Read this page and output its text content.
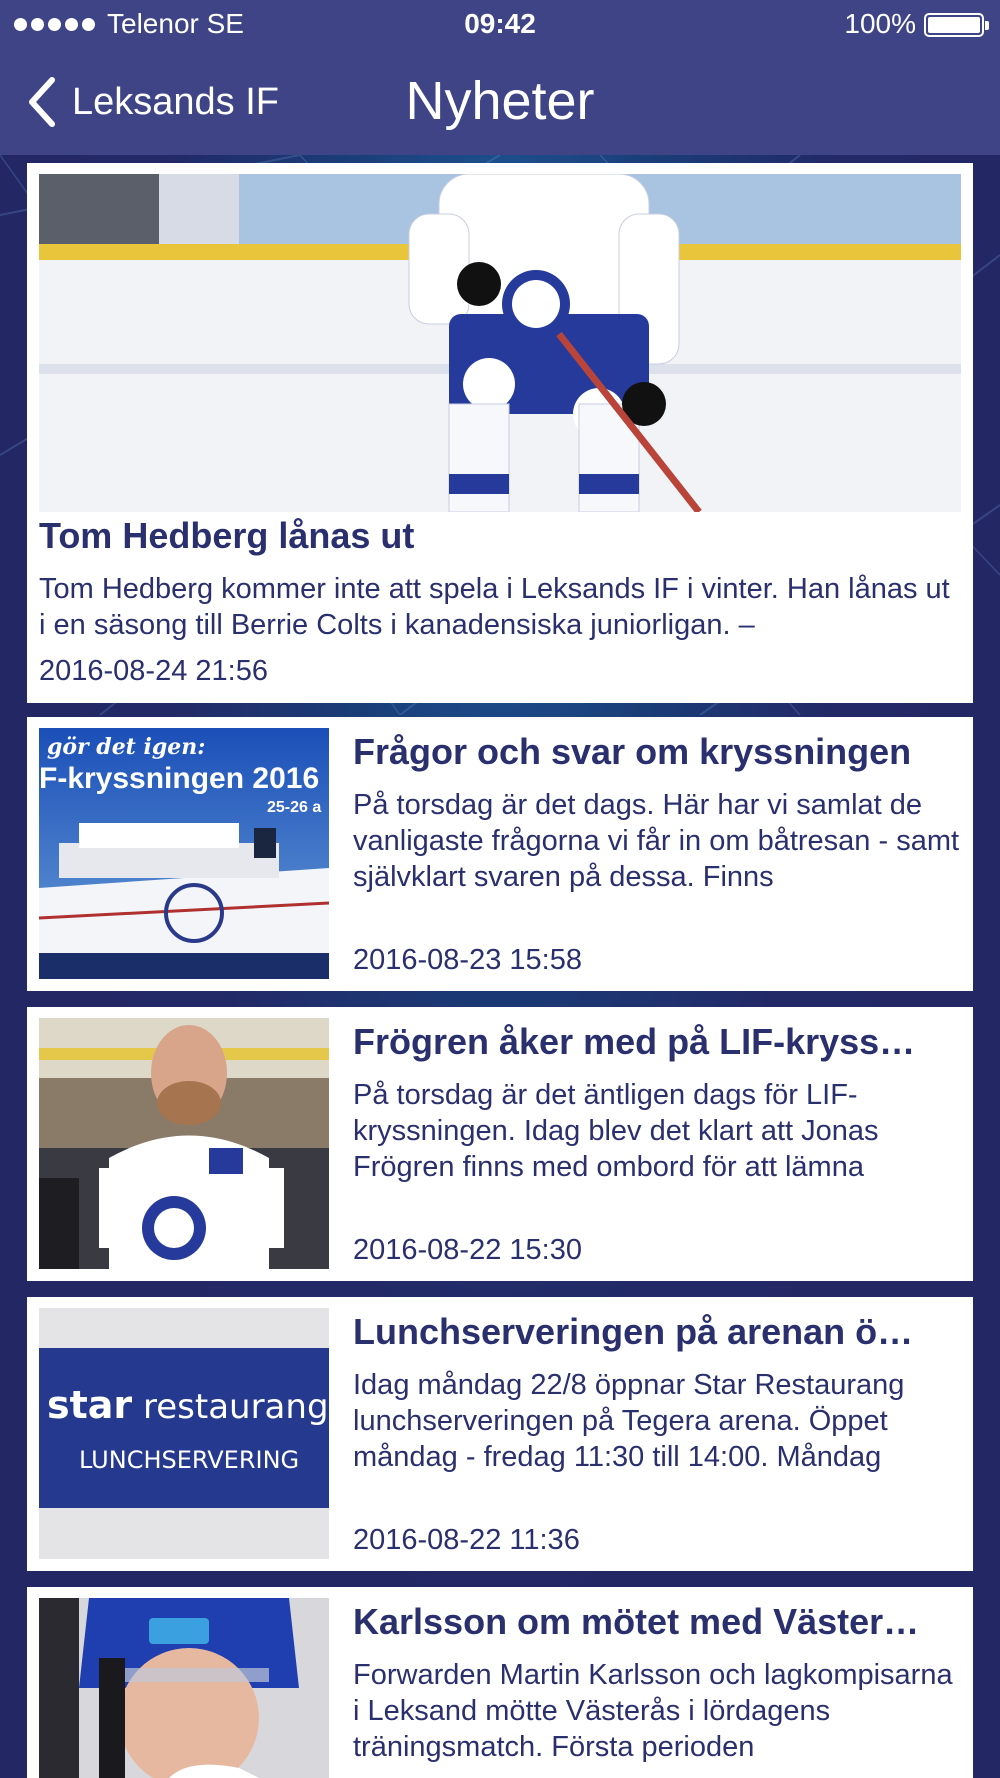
Telenor SE	09:42	100%
Leksands IF	Nyheter
Tom Hedberg lånas ut
Tom Hedberg kommer inte att spela i Leksands IF i vinter. Han lånas ut i en säsong till Berrie Colts i kanadensiska juniorligan. –
2016-08-24 21:56
gör det igen:
F-kryssningen 2016
25-26 a
Frågor och svar om kryssningen
På torsdag är det dags. Här har vi samlat de vanligaste frågorna vi får in om båtresan - samt självklart svaren på dessa. Finns
2016-08-23 15:58
Frögren åker med på LIF-kryss…
På torsdag är det äntligen dags för LIF-kryssningen. Idag blev det klart att Jonas Frögren finns med ombord för att lämna
2016-08-22 15:30
star restaurang
LUNCHSERVERING
Lunchserveringen på arenan ö…
Idag måndag 22/8 öppnar Star Restaurang lunchserveringen på Tegera arena. Öppet måndag - fredag 11:30 till 14:00. Måndag
2016-08-22 11:36
Karlsson om mötet med Väster…
Forwarden Martin Karlsson och lagkompisarna i Leksand mötte Västerås i lördagens träningsmatch. Första perioden
